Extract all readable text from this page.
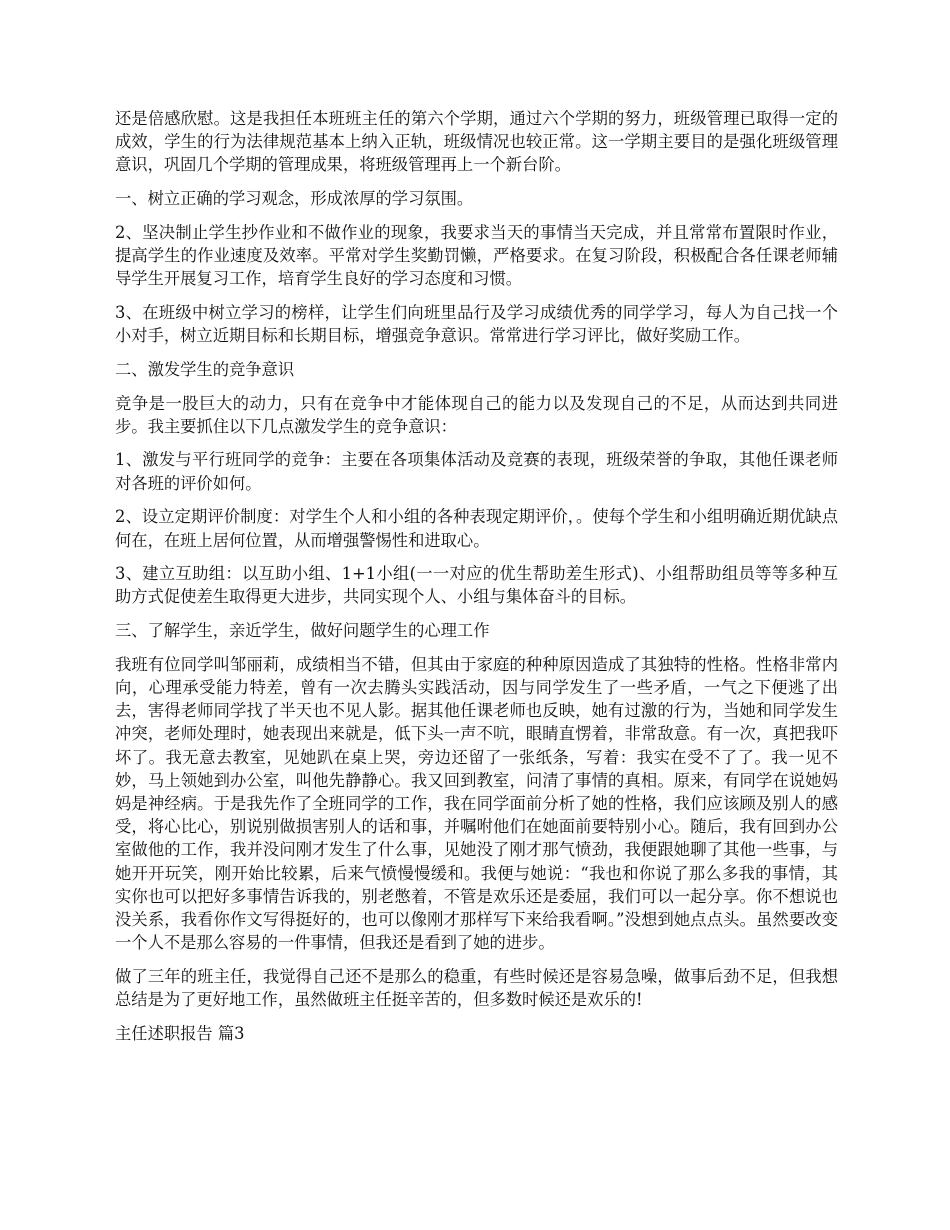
还是倍感欣慰。这是我担任本班班主任的第六个学期，通过六个学期的努力，班级管理已取得一定的成效，学生的行为法律规范基本上纳入正轨，班级情况也较正常。这一学期主要目的是强化班级管理意识，巩固几个学期的管理成果，将班级管理再上一个新台阶。

一、树立正确的学习观念，形成浓厚的学习氛围。

2、坚决制止学生抄作业和不做作业的现象，我要求当天的事情当天完成，并且常常布置限时作业，提高学生的作业速度及效率。平常对学生奖勤罚懒，严格要求。在复习阶段，积极配合各任课老师辅导学生开展复习工作，培育学生良好的学习态度和习惯。

3、在班级中树立学习的榜样，让学生们向班里品行及学习成绩优秀的同学学习，每人为自己找一个小对手，树立近期目标和长期目标，增强竞争意识。常常进行学习评比，做好奖励工作。

二、激发学生的竞争意识

竞争是一股巨大的动力，只有在竞争中才能体现自己的能力以及发现自己的不足，从而达到共同进步。我主要抓住以下几点激发学生的竞争意识：

1、激发与平行班同学的竞争：主要在各项集体活动及竞赛的表现，班级荣誉的争取，其他任课老师对各班的评价如何。

2、设立定期评价制度：对学生个人和小组的各种表现定期评价，。使每个学生和小组明确近期优缺点何在，在班上居何位置，从而增强警惕性和进取心。

3、建立互助组：以互助小组、1+1小组(一一对应的优生帮助差生形式)、小组帮助组员等等多种互助方式促使差生取得更大进步，共同实现个人、小组与集体奋斗的目标。

三、了解学生，亲近学生，做好问题学生的心理工作

我班有位同学叫邹丽莉，成绩相当不错，但其由于家庭的种种原因造成了其独特的性格。性格非常内向，心理承受能力特差，曾有一次去腾头实践活动，因与同学发生了一些矛盾，一气之下便逃了出去，害得老师同学找了半天也不见人影。据其他任课老师也反映，她有过激的行为，当她和同学发生冲突，老师处理时，她表现出来就是，低下头一声不吭，眼睛直愣着，非常敌意。有一次，真把我吓坏了。我无意去教室，见她趴在桌上哭，旁边还留了一张纸条，写着：我实在受不了了。我一见不妙，马上领她到办公室，叫他先静静心。我又回到教室，问清了事情的真相。原来，有同学在说她妈妈是神经病。于是我先作了全班同学的工作，我在同学面前分析了她的性格，我们应该顾及别人的感受，将心比心，别说别做损害别人的话和事，并嘱咐他们在她面前要特别小心。随后，我有回到办公室做他的工作，我并没问刚才发生了什么事，见她没了刚才那气愤劲，我便跟她聊了其他一些事，与她开开玩笑，刚开始比较累，后来气愤慢慢缓和。我便与她说：“我也和你说了那么多我的事情，其实你也可以把好多事情告诉我的，别老憋着，不管是欢乐还是委屈，我们可以一起分享。你不想说也没关系，我看你作文写得挺好的，也可以像刚才那样写下来给我看啊。”没想到她点点头。虽然要改变一个人不是那么容易的一件事情，但我还是看到了她的进步。

做了三年的班主任，我觉得自己还不是那么的稳重，有些时候还是容易急噪，做事后劲不足，但我想总结是为了更好地工作，虽然做班主任挺辛苦的，但多数时候还是欢乐的!

主任述职报告 篇3
